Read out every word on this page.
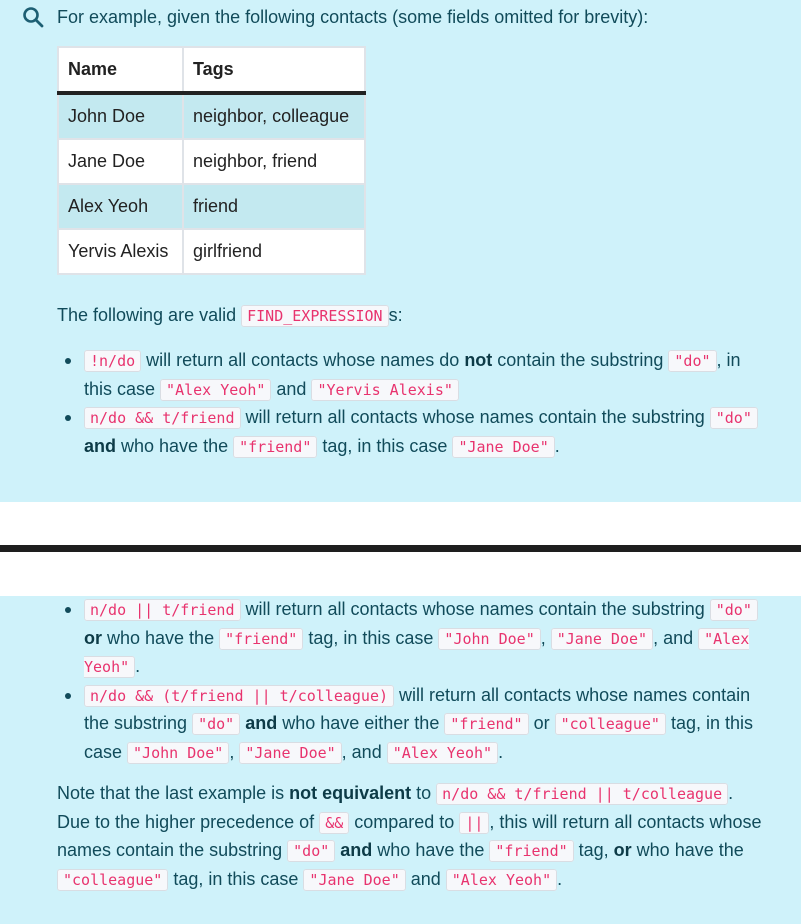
For example, given the following contacts (some fields omitted for brevity):
Name	Tags
John Doe	neighbor, colleague
Jane Doe	neighbor, friend
Alex Yeoh	friend
Yervis Alexis	girlfriend
The following are valid FIND_EXPRESSION s:
!n/do will return all contacts whose names do not contain the substring "do" , in this case "Alex Yeoh" and "Yervis Alexis"
n/do && t/friend will return all contacts whose names contain the substring "do" and who have the "friend" tag, in this case "Jane Doe" .
n/do || t/friend will return all contacts whose names contain the substring "do" or who have the "friend" tag, in this case "John Doe" , "Jane Doe" , and "Alex Yeoh" .
n/do && (t/friend || t/colleague) will return all contacts whose names contain the substring "do" and who have either the "friend" or "colleague" tag, in this case "John Doe" , "Jane Doe" , and "Alex Yeoh" .
Note that the last example is not equivalent to n/do && t/friend || t/colleague . Due to the higher precedence of && compared to || , this will return all contacts whose names contain the substring "do" and who have the "friend" tag, or who have the "colleague" tag, in this case "Jane Doe" and "Alex Yeoh" .
